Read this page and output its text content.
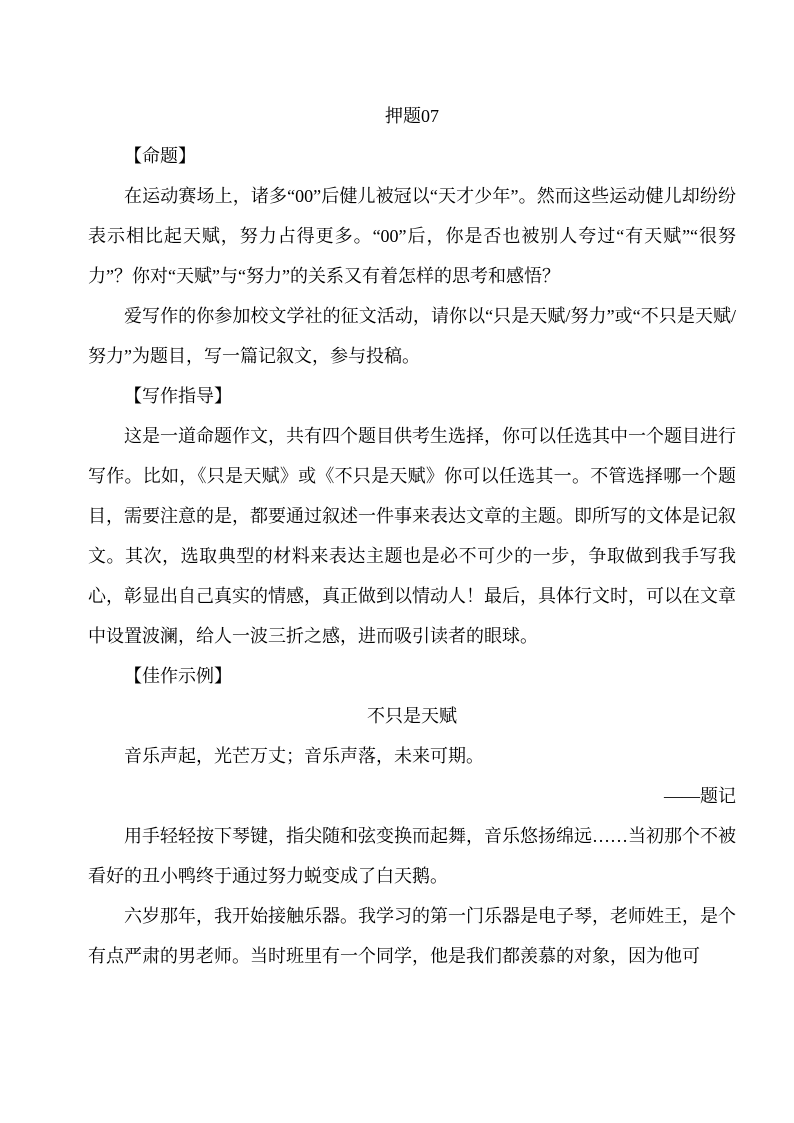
押题07
【命题】
在运动赛场上，诸多“00”后健儿被冠以“天才少年”。然而这些运动健儿却纷纷表示相比起天赋，努力占得更多。“00”后，你是否也被别人夸过“有天赋”“很努力”？你对“天赋”与“努力”的关系又有着怎样的思考和感悟？
爱写作的你参加校文学社的征文活动，请你以“只是天赋/努力”或“不只是天赋/努力”为题目，写一篇记叙文，参与投稿。
【写作指导】
这是一道命题作文，共有四个题目供考生选择，你可以任选其中一个题目进行写作。比如，《只是天赋》或《不只是天赋》你可以任选其一。不管选择哪一个题目，需要注意的是，都要通过叙述一件事来表达文章的主题。即所写的文体是记叙文。其次，选取典型的材料来表达主题也是必不可少的一步，争取做到我手写我心，彰显出自己真实的情感，真正做到以情动人！最后，具体行文时，可以在文章中设置波澜，给人一波三折之感，进而吸引读者的眼球。
【佳作示例】
不只是天赋
音乐声起，光芒万丈；音乐声落，未来可期。
——题记
用手轻轻按下琴键，指尖随和弦变换而起舞，音乐悠扬绵远……当初那个不被看好的丑小鸭终于通过努力蜕变成了白天鹅。
六岁那年，我开始接触乐器。我学习的第一门乐器是电子琴，老师姓王，是个有点严肃的男老师。当时班里有一个同学，他是我们都羡慕的对象，因为他可
